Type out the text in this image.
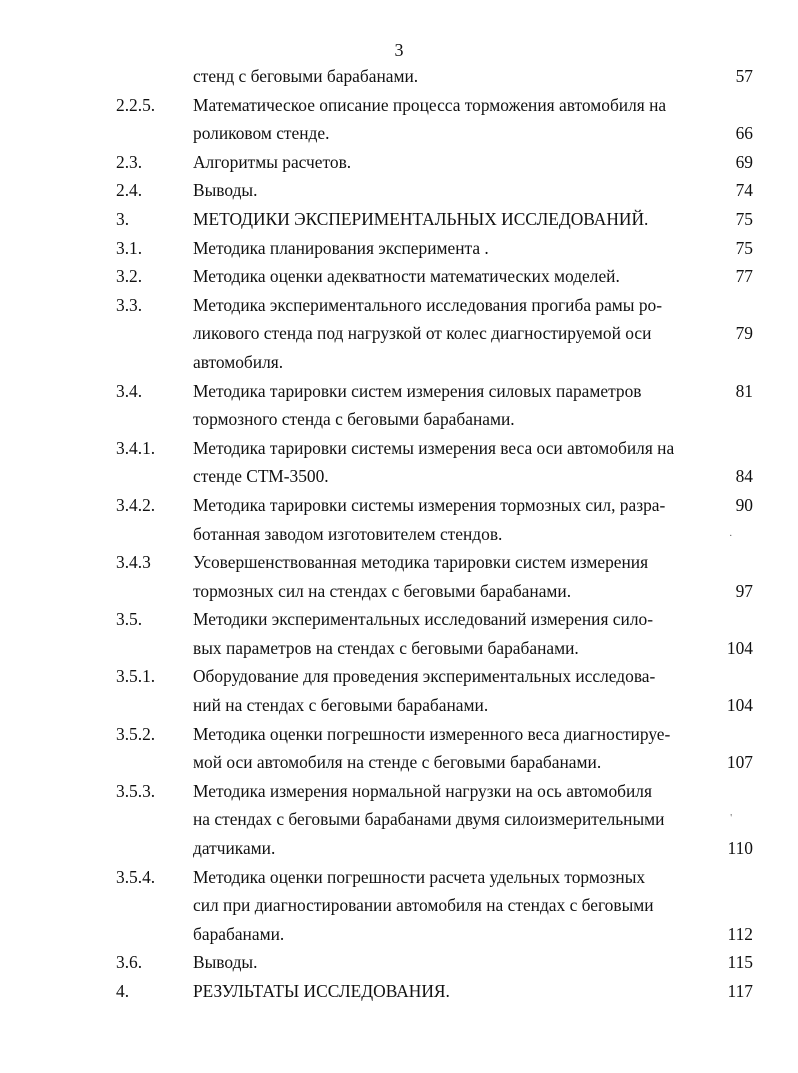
3
стенд с беговыми барабанами.	57
2.2.5. Математическое описание процесса торможения автомобиля на
роликовом стенде.	66
2.3.	Алгоритмы расчетов.	69
2.4.	Выводы.	74
3.	МЕТОДИКИ ЭКСПЕРИМЕНТАЛЬНЫХ ИССЛЕДОВАНИЙ.	75
3.1.	Методика планирования эксперимента .	75
3.2.	Методика оценки адекватности математических моделей.	77
3.3.	Методика экспериментального исследования прогиба рамы ро-
ликового стенда под нагрузкой от колес диагностируемой оси	79
автомобиля.
3.4.	Методика тарировки систем измерения силовых параметров	81
тормозного стенда с беговыми барабанами.
3.4.1. Методика тарировки системы измерения веса оси автомобиля на
стенде СТМ-3500.	84
3.4.2. Методика тарировки системы измерения тормозных сил, разра-	90
ботанная заводом изготовителем стендов.	.
3.4.3 Усовершенствованная методика тарировки систем измерения
тормозных сил на стендах с беговыми барабанами.	97
3.5.	Методики экспериментальных исследований измерения сило-
вых параметров на стендах с беговыми барабанами.	104
3.5.1. Оборудование для проведения экспериментальных исследова-
ний на стендах с беговыми барабанами.	104
3.5.2. Методика оценки погрешности измеренного веса диагностируе-
мой оси автомобиля на стенде с беговыми барабанами.	107
3.5.3. Методика измерения нормальной нагрузки на ось автомобиля
на стендах с беговыми барабанами двумя силоизмерительными	'
датчиками.	110
3.5.4. Методика оценки погрешности расчета удельных тормозных
сил при диагностировании автомобиля на стендах с беговыми
барабанами.	112
3.6.	Выводы.	115
4.	РЕЗУЛЬТАТЫ ИССЛЕДОВАНИЯ.	117
